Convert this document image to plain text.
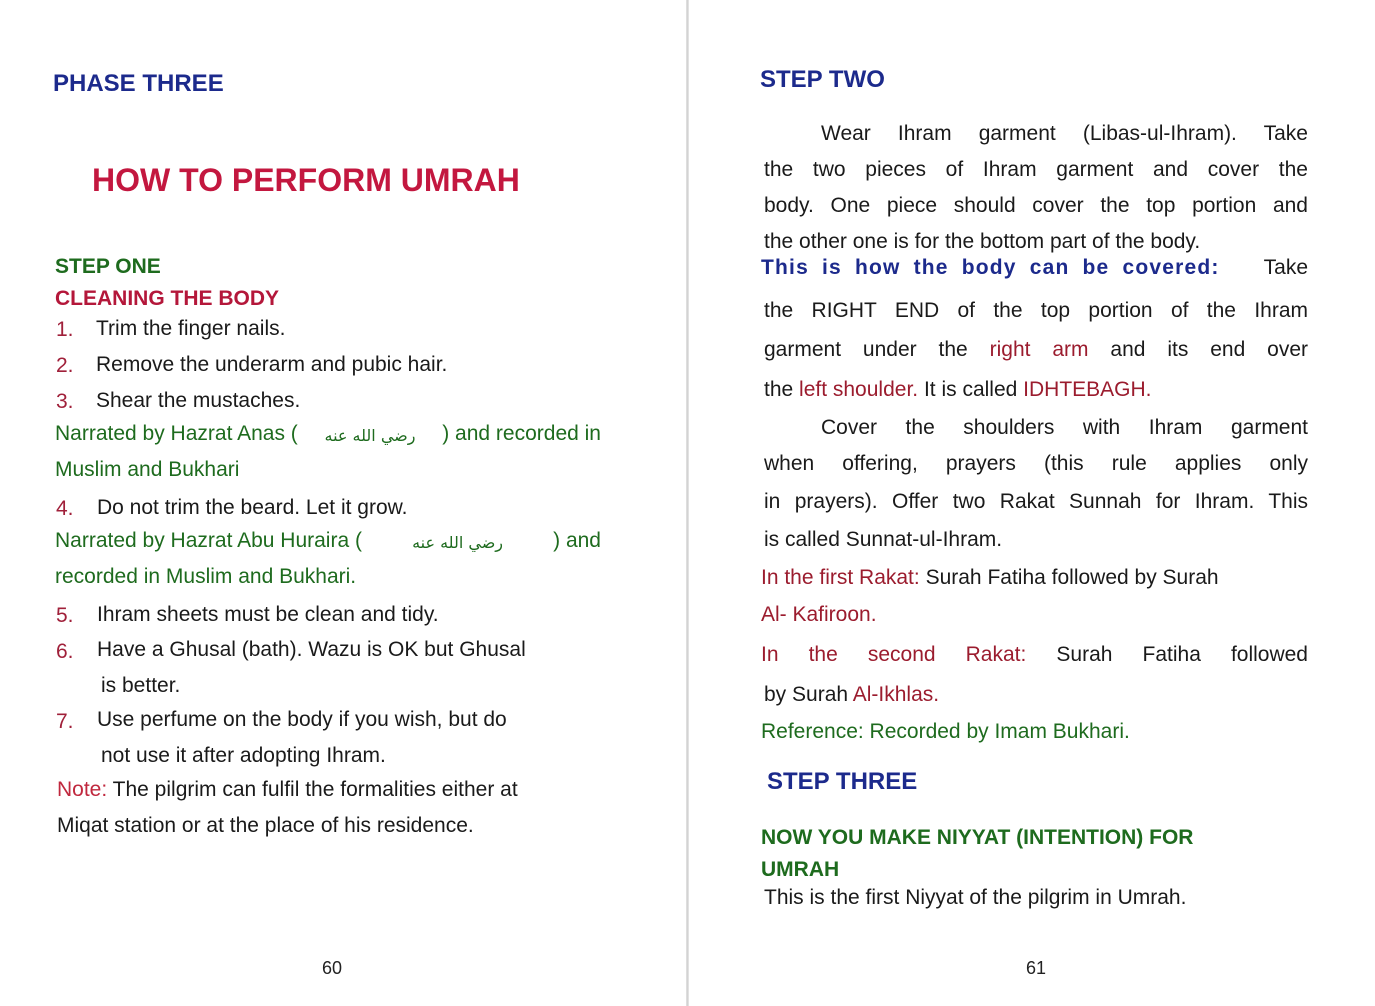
PHASE THREE
HOW TO PERFORM UMRAH
STEP ONE
CLEANING THE BODY
1. Trim the finger nails.
2. Remove the underarm and pubic hair.
3. Shear the mustaches.
Narrated by Hazrat Anas ( رضي الله عنه ) and recorded in
Muslim and Bukhari
4. Do not trim the beard. Let it grow.
Narrated by Hazrat Abu Huraira (	رضي الله عنه ) and
recorded in Muslim and Bukhari.
5. Ihram sheets must be clean and tidy.
6. Have a Ghusal (bath). Wazu is OK but Ghusal
is better.
7. Use perfume on the body if you wish, but do
not use it after adopting Ihram.
Note: The pilgrim can fulfil the formalities either at
Miqat station or at the place of his residence.
60
STEP TWO
Wear Ihram garment (Libas-ul-Ihram). Take
the two pieces of Ihram garment and cover the
body. One piece should cover the top portion and
the other one is for the bottom part of the body.
This is how the body can be covered: Take
the RIGHT END of the top portion of the Ihram
garment under the right arm and its end over
the left shoulder. It is called IDHTEBAGH.
Cover the shoulders with Ihram garment
when offering, prayers (this rule applies only
in prayers). Offer two Rakat Sunnah for Ihram. This
is called Sunnat-ul-Ihram.
In the first Rakat: Surah Fatiha followed by Surah
Al- Kafiroon.
In the second Rakat: Surah Fatiha followed
by Surah Al-Ikhlas.
Reference: Recorded by Imam Bukhari.
STEP THREE
NOW YOU MAKE NIYYAT (INTENTION) FOR
UMRAH
This is the first Niyyat of the pilgrim in Umrah.
61
